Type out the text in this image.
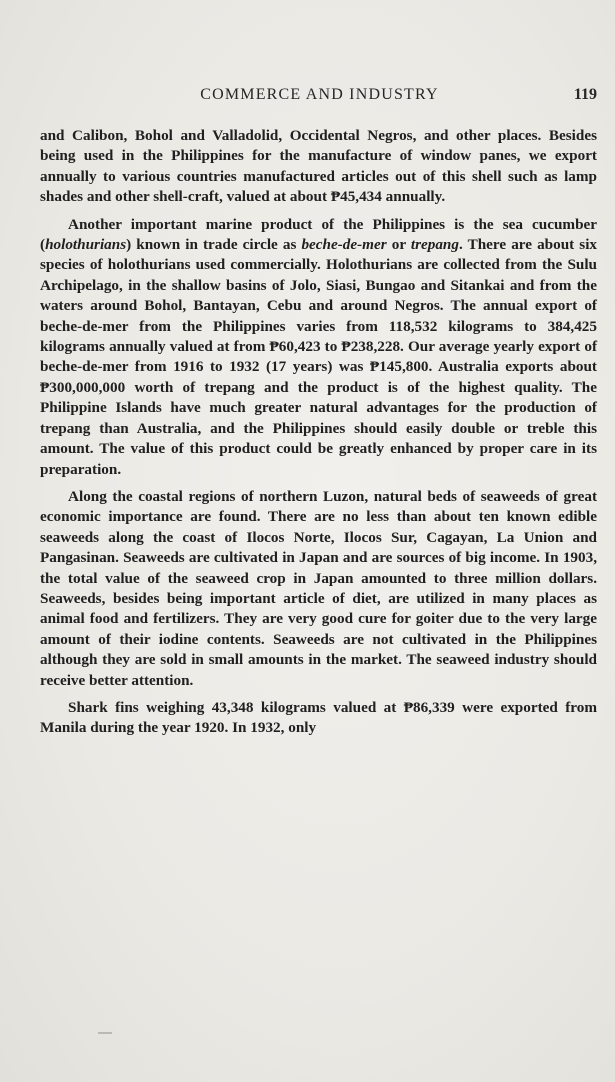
COMMERCE AND INDUSTRY	119

and Calibon, Bohol and Valladolid, Occidental Negros, and other places. Besides being used in the Philippines for the manufacture of window panes, we export annually to various countries manufactured articles out of this shell such as lamp shades and other shell-craft, valued at about ₱45,434 annually.

Another important marine product of the Philippines is the sea cucumber (holothurians) known in trade circle as beche-de-mer or trepang. There are about six species of holothurians used commercially. Holothurians are collected from the Sulu Archipelago, in the shallow basins of Jolo, Siasi, Bungao and Sitankai and from the waters around Bohol, Bantayan, Cebu and around Negros. The annual export of beche-de-mer from the Philippines varies from 118,532 kilograms to 384,425 kilograms annually valued at from ₱60,423 to ₱238,228. Our average yearly export of beche-de-mer from 1916 to 1932 (17 years) was ₱145,800. Australia exports about ₱300,000,000 worth of trepang and the product is of the highest quality. The Philippine Islands have much greater natural advantages for the production of trepang than Australia, and the Philippines should easily double or treble this amount. The value of this product could be greatly enhanced by proper care in its preparation.

Along the coastal regions of northern Luzon, natural beds of seaweeds of great economic importance are found. There are no less than about ten known edible seaweeds along the coast of Ilocos Norte, Ilocos Sur, Cagayan, La Union and Pangasinan. Seaweeds are cultivated in Japan and are sources of big income. In 1903, the total value of the seaweed crop in Japan amounted to three million dollars. Seaweeds, besides being important article of diet, are utilized in many places as animal food and fertilizers. They are very good cure for goiter due to the very large amount of their iodine contents. Seaweeds are not cultivated in the Philippines although they are sold in small amounts in the market. The seaweed industry should receive better attention.

Shark fins weighing 43,348 kilograms valued at ₱86,339 were exported from Manila during the year 1920. In 1932, only
